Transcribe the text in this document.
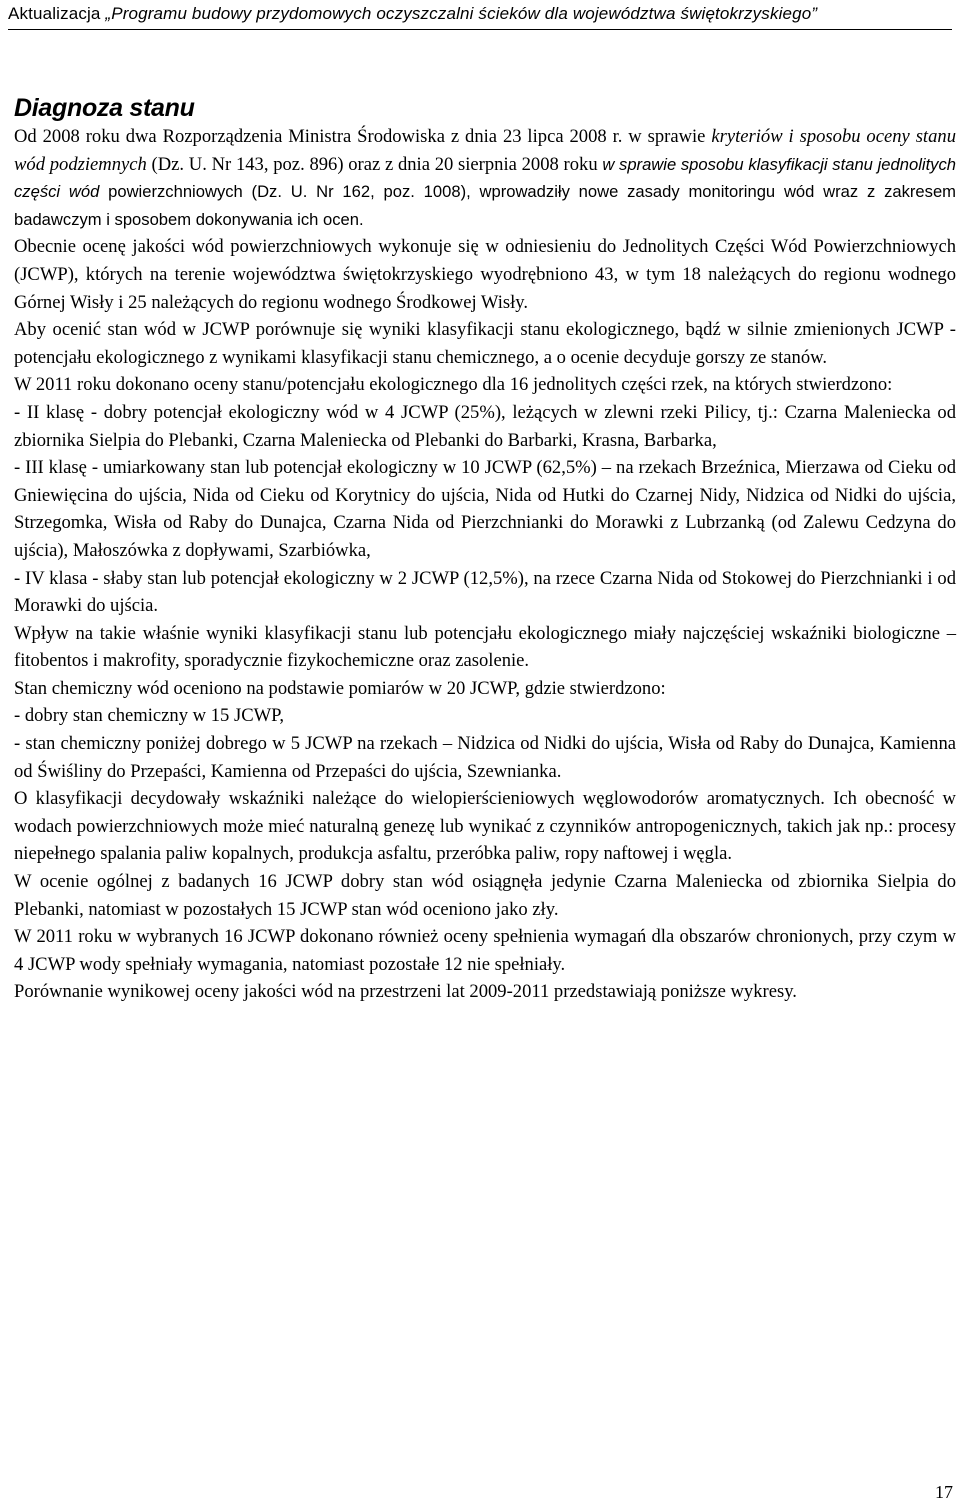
Aktualizacja „Programu budowy przydomowych oczyszczalni ścieków dla województwa świętokrzyskiego”
Diagnoza stanu

Od 2008 roku dwa Rozporządzenia Ministra Środowiska z dnia 23 lipca 2008 r. w sprawie kryteriów i sposobu oceny stanu wód podziemnych (Dz. U. Nr 143, poz. 896) oraz z dnia 20 sierpnia 2008 roku w sprawie sposobu klasyfikacji stanu jednolitych części wód powierzchniowych (Dz. U. Nr 162, poz. 1008), wprowadziły nowe zasady monitoringu wód wraz z zakresem badawczym i sposobem dokonywania ich ocen.

Obecnie ocenę jakości wód powierzchniowych wykonuje się w odniesieniu do Jednolitych Części Wód Powierzchniowych (JCWP), których na terenie województwa świętokrzyskiego wyodrębniono 43, w tym 18 należących do regionu wodnego Górnej Wisły i 25 należących do regionu wodnego Środkowej Wisły.

Aby ocenić stan wód w JCWP porównuje się wyniki klasyfikacji stanu ekologicznego, bądź w silnie zmienionych JCWP - potencjału ekologicznego z wynikami klasyfikacji stanu chemicznego, a o ocenie decyduje gorszy ze stanów.

W 2011 roku dokonano oceny stanu/potencjału ekologicznego dla 16 jednolitych części rzek, na których stwierdzono:

- II klasę - dobry potencjał ekologiczny wód w 4 JCWP (25%), leżących w zlewni rzeki Pilicy, tj.: Czarna Maleniecka od zbiornika Sielpia do Plebanki, Czarna Maleniecka od Plebanki do Barbarki, Krasna, Barbarka,

- III klasę - umiarkowany stan lub potencjał ekologiczny w 10 JCWP (62,5%) – na rzekach Brzeźnica, Mierzawa od Cieku od Gniewięcina do ujścia, Nida od Cieku od Korytnicy do ujścia, Nida od Hutki do Czarnej Nidy, Nidzica od Nidki do ujścia, Strzegomka, Wisła od Raby do Dunajca, Czarna Nida od Pierzchnianki do Morawki z Lubrzanką (od Zalewu Cedzyna do ujścia), Małoszówka z dopływami, Szarbiówka,

- IV klasa - słaby stan lub potencjał ekologiczny w 2 JCWP (12,5%), na rzece Czarna Nida od Stokowej do Pierzchnianki i od Morawki do ujścia.

Wpływ na takie właśnie wyniki klasyfikacji stanu lub potencjału ekologicznego miały najczęściej wskaźniki biologiczne – fitobentos i makrofity, sporadycznie fizykochemiczne oraz zasolenie.

Stan chemiczny wód oceniono na podstawie pomiarów w 20 JCWP, gdzie stwierdzono:

- dobry stan chemiczny w 15 JCWP,

- stan chemiczny poniżej dobrego w 5 JCWP na rzekach – Nidzica od Nidki do ujścia, Wisła od Raby do Dunajca, Kamienna od Świśliny do Przepaści, Kamienna od Przepaści do ujścia, Szewnianka.

O klasyfikacji decydowały wskaźniki należące do wielopierścieniowych węglowodorów aromatycznych. Ich obecność w wodach powierzchniowych może mieć naturalną genezę lub wynikać z czynników antropogenicznych, takich jak np.: procesy niepełnego spalania paliw kopalnych, produkcja asfaltu, przeróbka paliw, ropy naftowej i węgla.

W ocenie ogólnej z badanych 16 JCWP dobry stan wód osiągnęła jedynie Czarna Maleniecka od zbiornika Sielpia do Plebanki, natomiast w pozostałych 15 JCWP stan wód oceniono jako zły.

W 2011 roku w wybranych 16 JCWP dokonano również oceny spełnienia wymagań dla obszarów chronionych, przy czym w 4 JCWP wody spełniały wymagania, natomiast pozostałe 12 nie spełniały.

Porównanie wynikowej oceny jakości wód na przestrzeni lat 2009-2011 przedstawiają poniższe wykresy.

17
